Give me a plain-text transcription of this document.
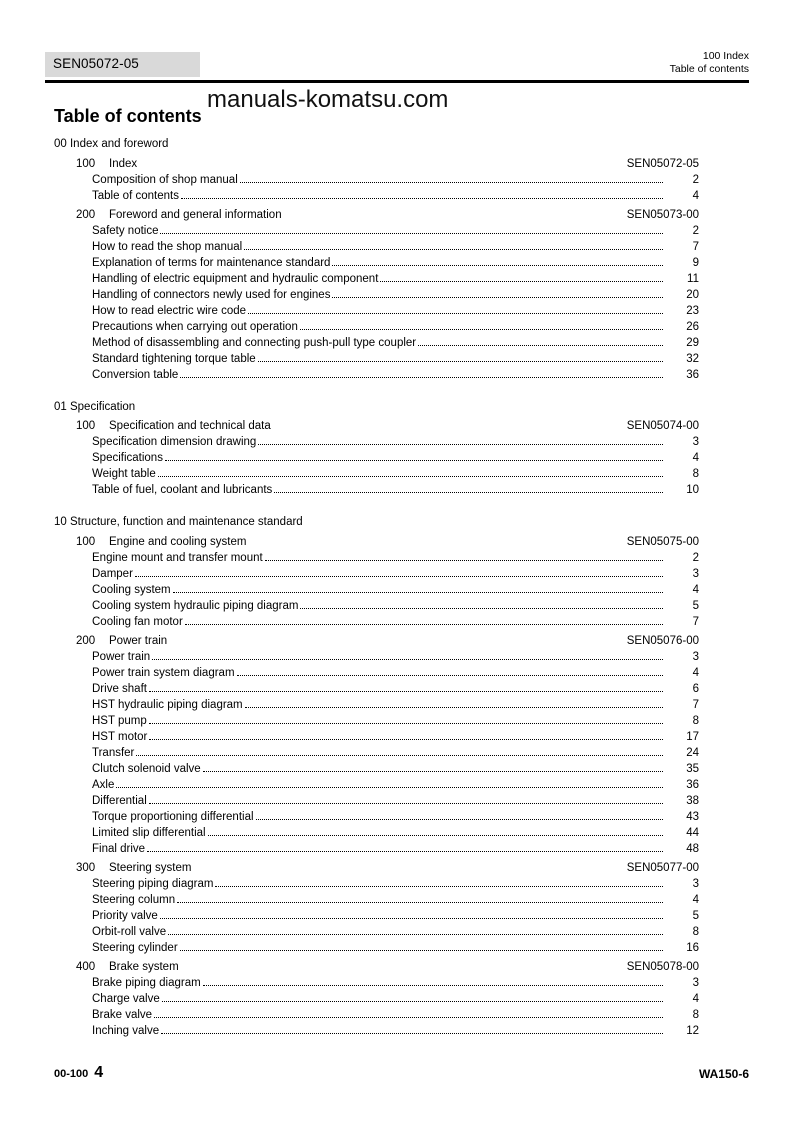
SEN05072-05	100 Index
Table of contents
manuals-komatsu.com
Table of contents
00 Index and foreword
100 Index	SEN05072-05
Composition of shop manual	2
Table of contents	4
200 Foreword and general information	SEN05073-00
Safety notice	2
How to read the shop manual	7
Explanation of terms for maintenance standard	9
Handling of electric equipment and hydraulic component	11
Handling of connectors newly used for engines	20
How to read electric wire code	23
Precautions when carrying out operation	26
Method of disassembling and connecting push-pull type coupler	29
Standard tightening torque table	32
Conversion table	36
01 Specification
100 Specification and technical data	SEN05074-00
Specification dimension drawing	3
Specifications	4
Weight table	8
Table of fuel, coolant and lubricants	10
10 Structure, function and maintenance standard
100 Engine and cooling system	SEN05075-00
Engine mount and transfer mount	2
Damper	3
Cooling system	4
Cooling system hydraulic piping diagram	5
Cooling fan motor	7
200 Power train	SEN05076-00
Power train	3
Power train system diagram	4
Drive shaft	6
HST hydraulic piping diagram	7
HST pump	8
HST motor	17
Transfer	24
Clutch solenoid valve	35
Axle	36
Differential	38
Torque proportioning differential	43
Limited slip differential	44
Final drive	48
300 Steering system	SEN05077-00
Steering piping diagram	3
Steering column	4
Priority valve	5
Orbit-roll valve	8
Steering cylinder	16
400 Brake system	SEN05078-00
Brake piping diagram	3
Charge valve	4
Brake valve	8
Inching valve	12
00-100 4	WA150-6
